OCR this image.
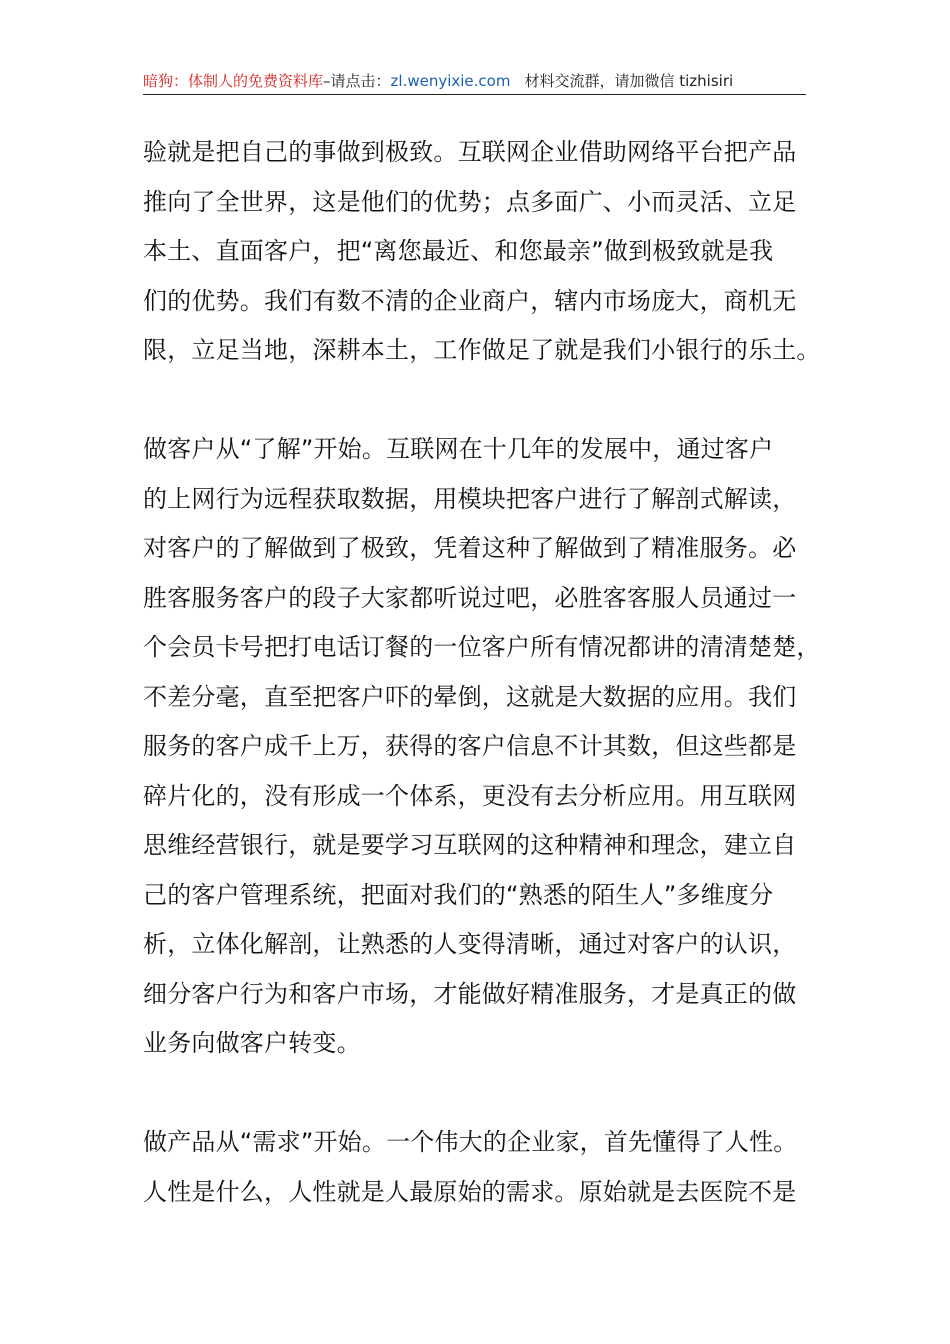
暗狗：体制人的免费资料库–请点击：zl.wenyixie.com 材料交流群，请加微信 tizhisiri
验就是把自己的事做到极致。互联网企业借助网络平台把产品
推向了全世界，这是他们的优势；点多面广、小而灵活、立足
本土、直面客户，把“离您最近、和您最亲”做到极致就是我
们的优势。我们有数不清的企业商户，辖内市场庞大，商机无
限，立足当地，深耕本土，工作做足了就是我们小银行的乐土。
做客户从“了解”开始。互联网在十几年的发展中，通过客户
的上网行为远程获取数据，用模块把客户进行了解剖式解读，
对客户的了解做到了极致，凭着这种了解做到了精准服务。必
胜客服务客户的段子大家都听说过吧，必胜客客服人员通过一
个会员卡号把打电话订餐的一位客户所有情况都讲的清清楚楚，
不差分毫，直至把客户吓的晕倒，这就是大数据的应用。我们
服务的客户成千上万，获得的客户信息不计其数，但这些都是
碎片化的，没有形成一个体系，更没有去分析应用。用互联网
思维经营银行，就是要学习互联网的这种精神和理念，建立自
己的客户管理系统，把面对我们的“熟悉的陌生人”多维度分
析，立体化解剖，让熟悉的人变得清晰，通过对客户的认识，
细分客户行为和客户市场，才能做好精准服务，才是真正的做
业务向做客户转变。
做产品从“需求”开始。一个伟大的企业家，首先懂得了人性。
人性是什么，人性就是人最原始的需求。原始就是去医院不是
